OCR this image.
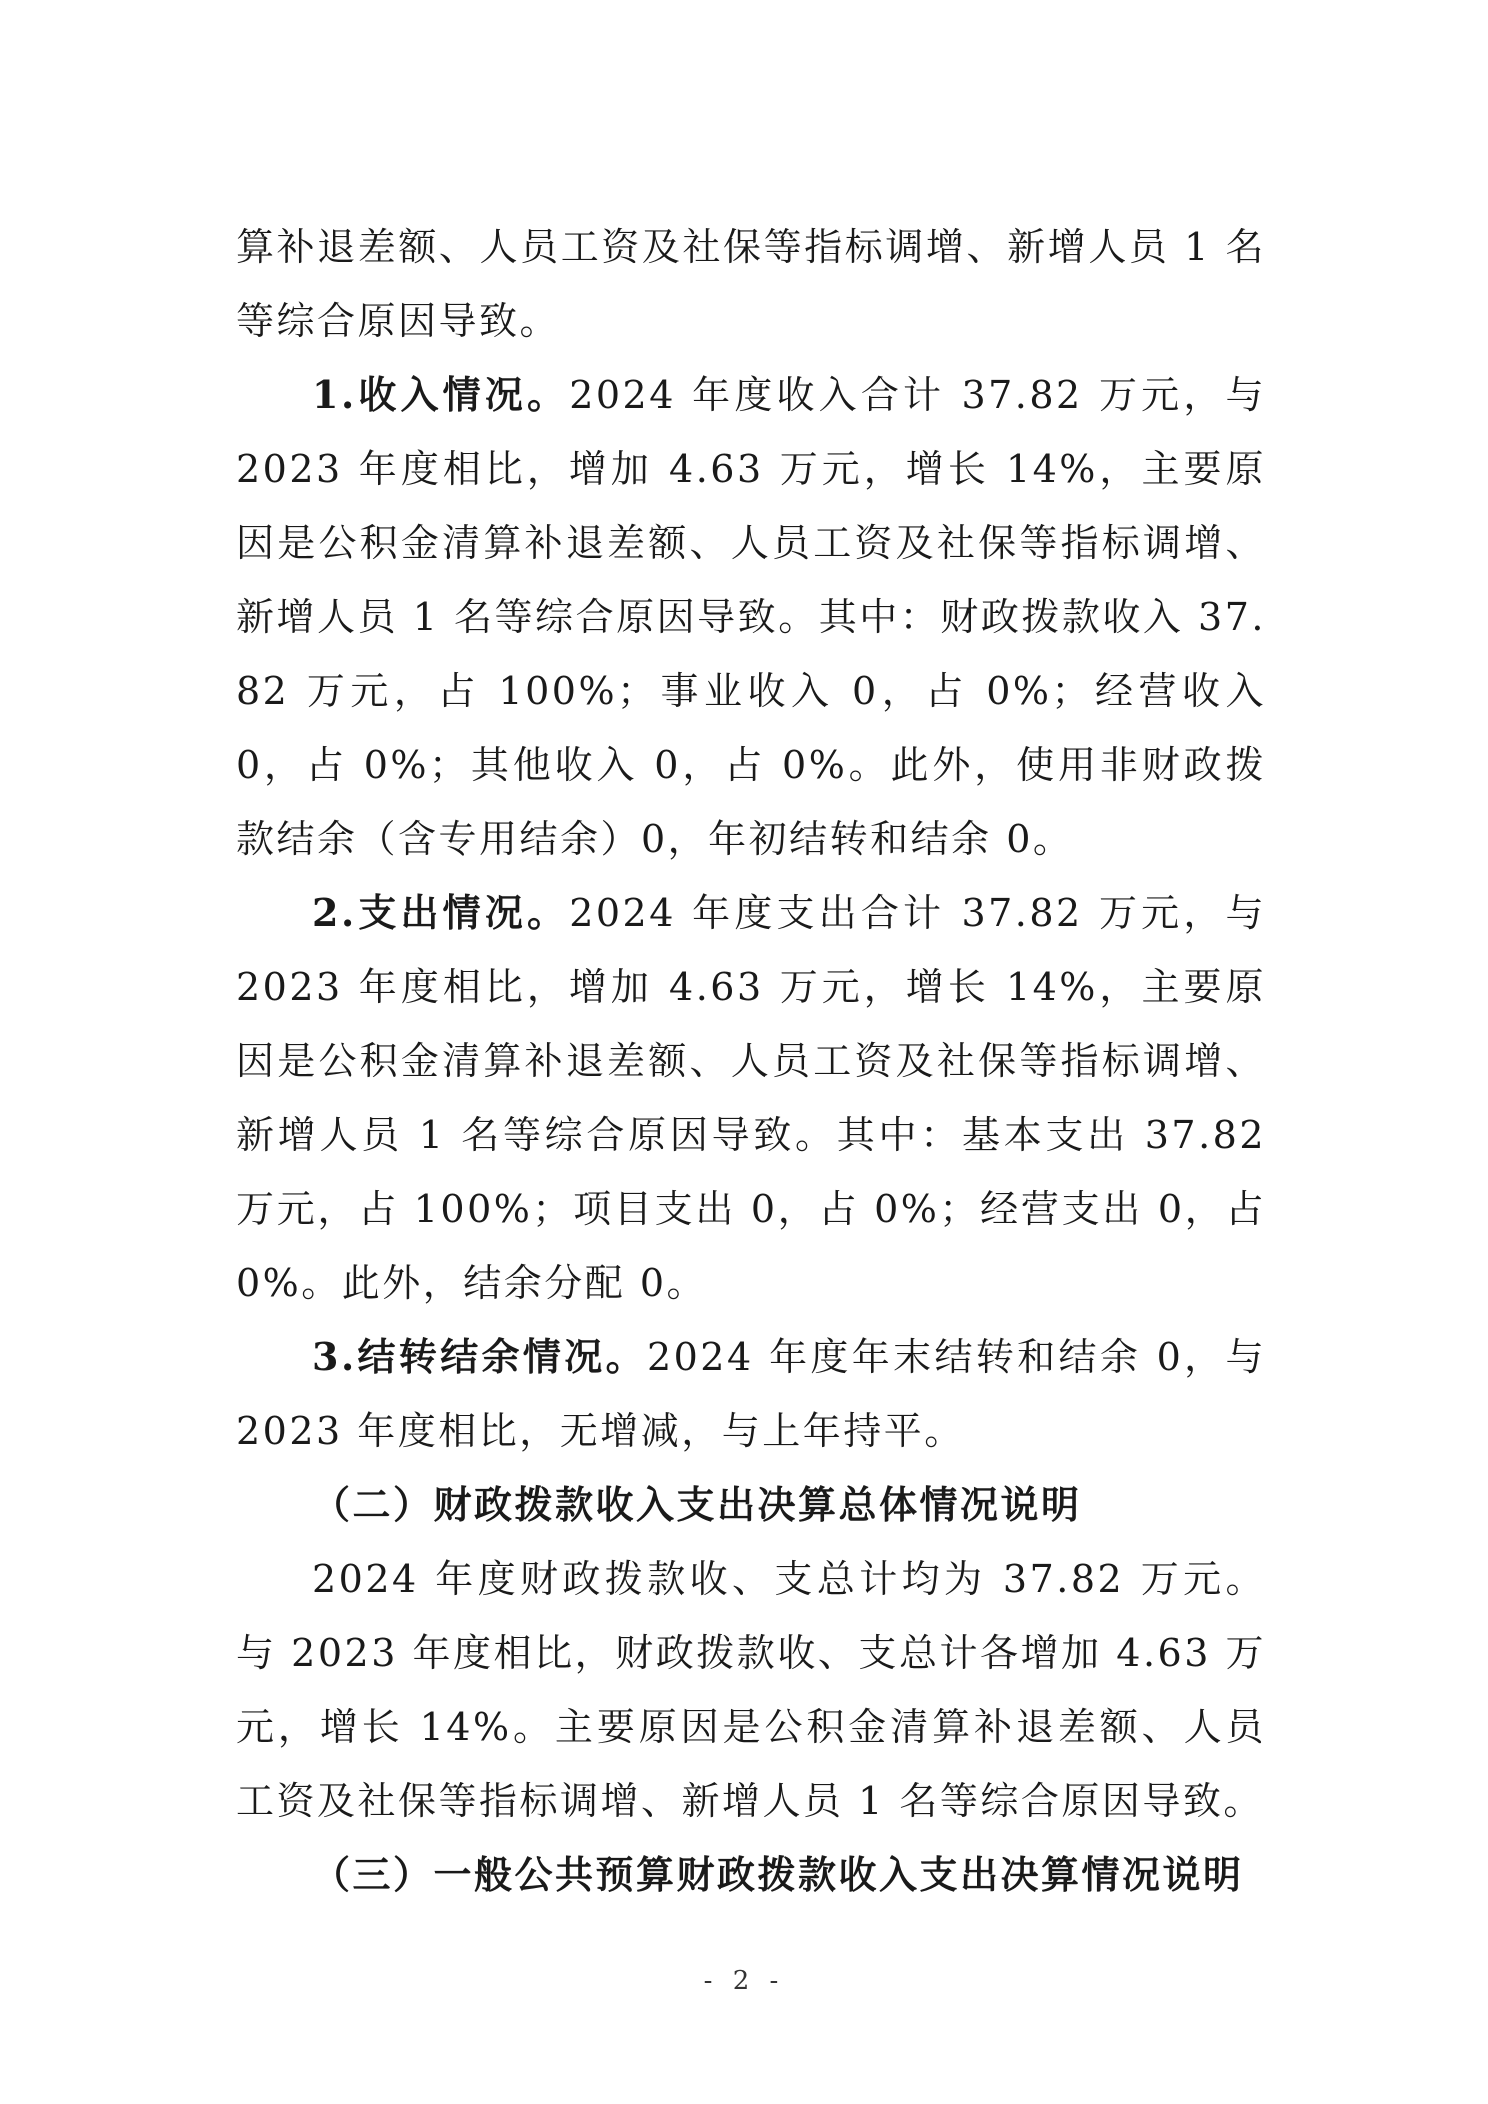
算补退差额、人员工资及社保等指标调增、新增人员 1 名等综合原因导致。

1.收入情况。2024 年度收入合计 37.82 万元，与 2023 年度相比，增加 4.63 万元，增长 14%，主要原因是公积金清算补退差额、人员工资及社保等指标调增、新增人员 1 名等综合原因导致。其中：财政拨款收入 37.82 万元，占 100%；事业收入 0，占 0%；经营收入 0，占 0%；其他收入 0，占 0%。此外，使用非财政拨款结余（含专用结余）0，年初结转和结余 0。

2.支出情况。2024 年度支出合计 37.82 万元，与 2023 年度相比，增加 4.63 万元，增长 14%，主要原因是公积金清算补退差额、人员工资及社保等指标调增、新增人员 1 名等综合原因导致。其中：基本支出 37.82 万元，占 100%；项目支出 0，占 0%；经营支出 0，占 0%。此外，结余分配 0。

3.结转结余情况。2024 年度年末结转和结余 0，与 2023 年度相比，无增减，与上年持平。

（二）财政拨款收入支出决算总体情况说明

2024 年度财政拨款收、支总计均为 37.82 万元。与 2023 年度相比，财政拨款收、支总计各增加 4.63 万元，增长 14%。主要原因是公积金清算补退差额、人员工资及社保等指标调增、新增人员 1 名等综合原因导致。

（三）一般公共预算财政拨款收入支出决算情况说明

- 2 -
